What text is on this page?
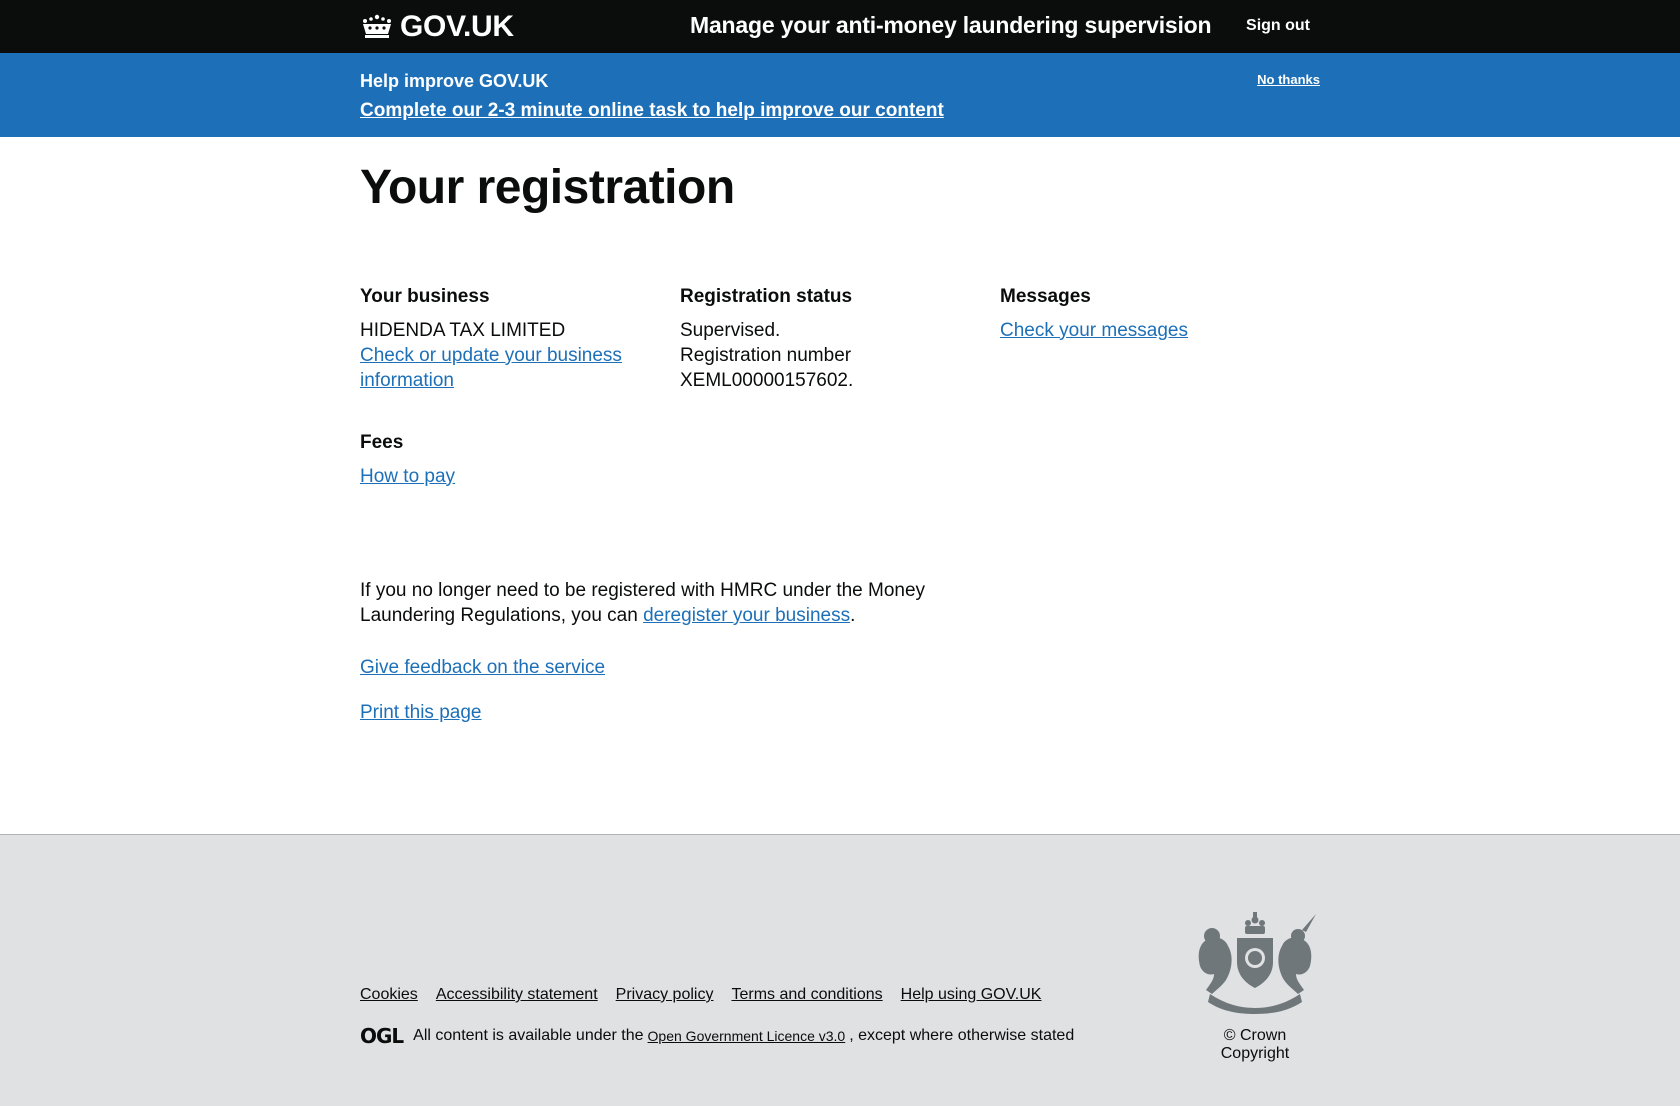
GOV.UK	Manage your anti-money laundering supervision Sign out
Help improve GOV.UK
Complete our 2-3 minute online task to help improve our content
No thanks
Your registration
Your business

HIDENDA TAX LIMITED

Check or update your business information
Registration status

Supervised.

Registration number

XEML00000157602.

Messages
Check your messages
Fees
How to pay

If you no longer need to be registered with HMRC under the Money Laundering Regulations, you can deregister your business.

Give feedback on the service
Print this page
Cookies Accessibility statement Privacy policy Terms and conditions Help using GOV.UK
OGL All content is available under the Open Government Licence v3.0 , except where otherwise stated	© Crown Copyright
